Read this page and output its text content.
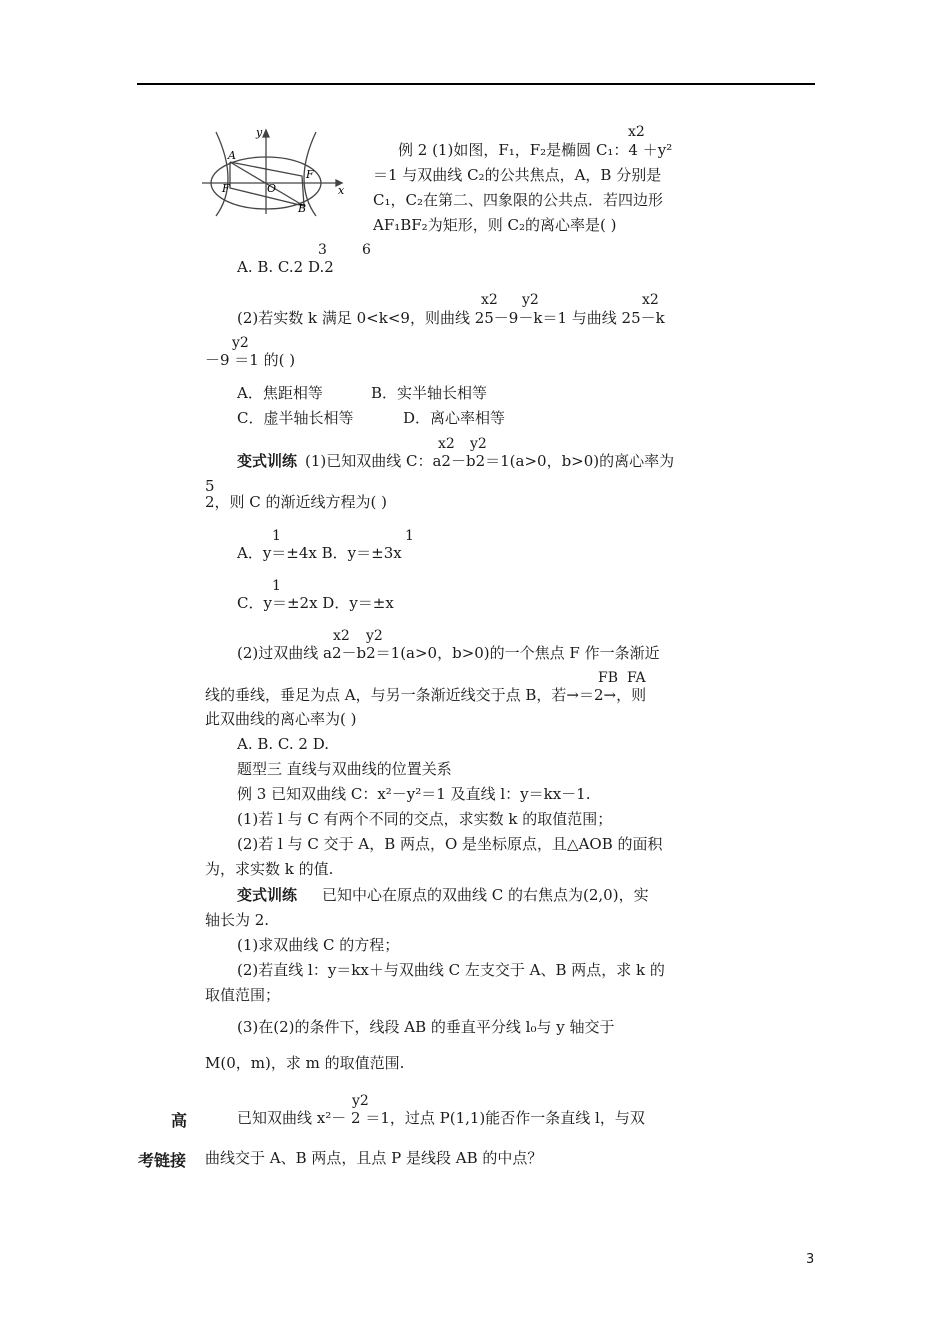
y
x
A
F	O
F
B
x2
例 2 (1)如图，F₁，F₂是椭圆 C₁：4 ＋y²
＝1 与双曲线 C₂的公共焦点，A，B 分别是
C₁，C₂在第二、四象限的公共点．若四边形
AF₁BF₂为矩形，则 C₂的离心率是( )
3	6
A. B. C.2 D.2
x2 y2	x2
(2)若实数 k 满足 0<k<9，则曲线 25－9－k＝1 与曲线 25－k
y2
－9 ＝1 的( )
A．焦距相等	B．实半轴长相等
C．虚半轴长相等	D．离心率相等
x2 y2
变式训练 (1)已知双曲线 C：a2－b2＝1(a>0，b>0)的离心率为
5
2，则 C 的渐近线方程为( )
1	1
A．y＝±4x B．y＝±3x
1
C．y＝±2x D．y＝±x
x2 y2
(2)过双曲线 a2－b2＝1(a>0，b>0)的一个焦点 F 作一条渐近
FB FA
线的垂线，垂足为点 A，与另一条渐近线交于点 B，若→＝2→，则
此双曲线的离心率为( )
A. B. C. 2 D.
题型三 直线与双曲线的位置关系
例 3 已知双曲线 C：x²－y²＝1 及直线 l：y＝kx－1.
(1)若 l 与 C 有两个不同的交点，求实数 k 的取值范围；
(2)若 l 与 C 交于 A，B 两点，O 是坐标原点，且△AOB 的面积
为，求实数 k 的值.
变式训练 已知中心在原点的双曲线 C 的右焦点为(2,0)，实
轴长为 2.
(1)求双曲线 C 的方程；
(2)若直线 l：y＝kx＋与双曲线 C 左支交于 A、B 两点，求 k 的
取值范围；
(3)在(2)的条件下，线段 AB 的垂直平分线 l₀与 y 轴交于
M(0，m)，求 m 的取值范围.
高
考链接
y2
已知双曲线 x²－ 2 ＝1，过点 P(1,1)能否作一条直线 l，与双
曲线交于 A、B 两点，且点 P 是线段 AB 的中点？
3
